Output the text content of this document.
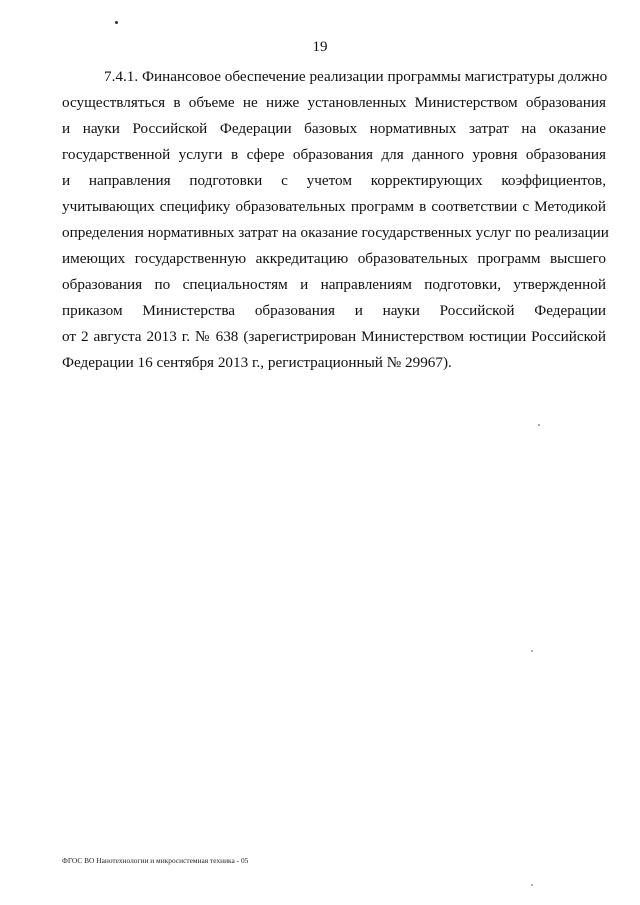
19
7.4.1. Финансовое обеспечение реализации программы магистратуры должно
осуществляться в объеме не ниже установленных Министерством образования
и науки Российской Федерации базовых нормативных затрат на оказание
государственной услуги в сфере образования для данного уровня образования
и направления подготовки с учетом корректирующих коэффициентов,
учитывающих специфику образовательных программ в соответствии с Методикой
определения нормативных затрат на оказание государственных услуг по реализации
имеющих государственную аккредитацию образовательных программ высшего
образования по специальностям и направлениям подготовки, утвержденной
приказом Министерства образования и науки Российской Федерации
от 2 августа 2013 г. № 638 (зарегистрирован Министерством юстиции Российской
Федерации 16 сентября 2013 г., регистрационный № 29967).
ФГОС ВО Нанотехнологии и микросистемная техника - 05
